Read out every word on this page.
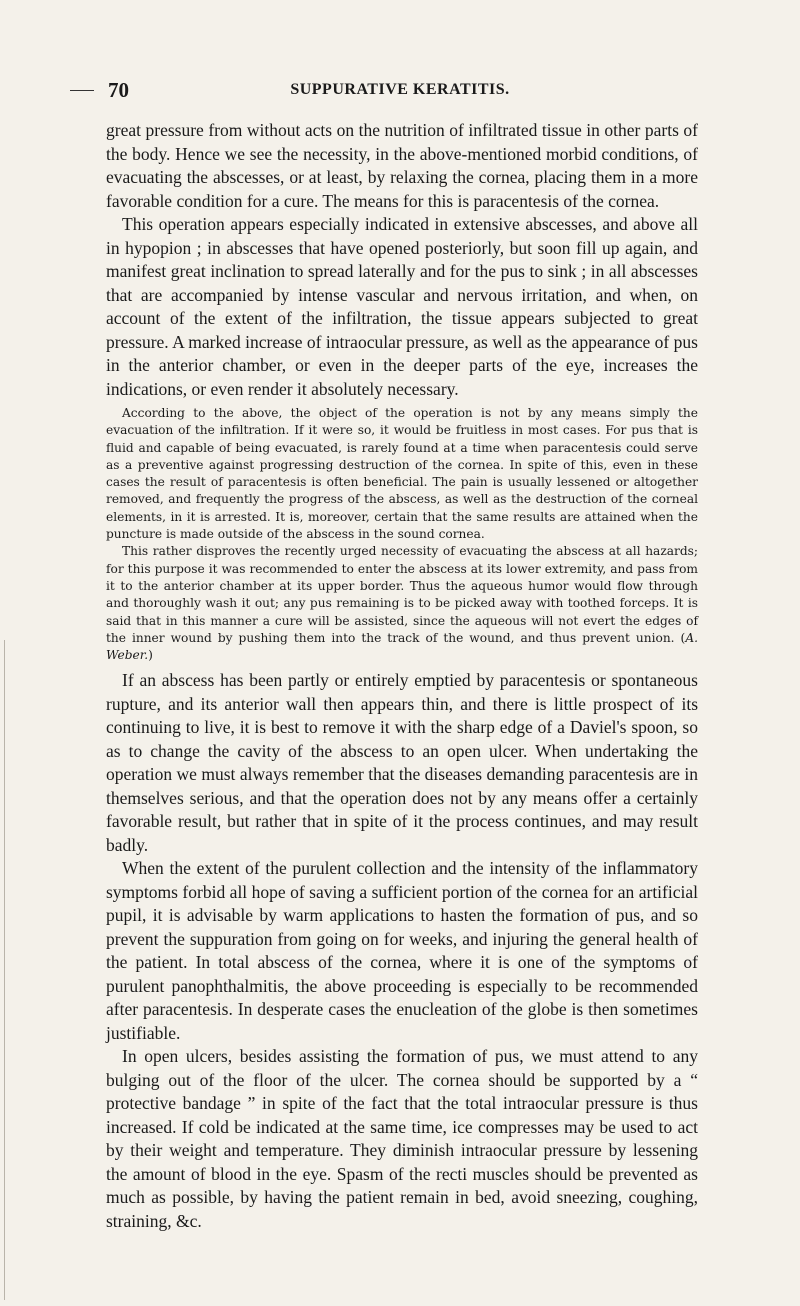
70	SUPPURATIVE KERATITIS.

great pressure from without acts on the nutrition of infiltrated tissue in other parts of the body. Hence we see the necessity, in the above-mentioned morbid conditions, of evacuating the abscesses, or at least, by relaxing the cornea, placing them in a more favorable condition for a cure. The means for this is paracentesis of the cornea.

This operation appears especially indicated in extensive abscesses, and above all in hypopion ; in abscesses that have opened posteriorly, but soon fill up again, and manifest great inclination to spread laterally and for the pus to sink ; in all abscesses that are accompanied by intense vascular and nervous irritation, and when, on account of the extent of the infiltration, the tissue appears subjected to great pressure. A marked increase of intraocular pressure, as well as the appearance of pus in the anterior chamber, or even in the deeper parts of the eye, increases the indications, or even render it absolutely necessary.

According to the above, the object of the operation is not by any means simply the evacuation of the infiltration. If it were so, it would be fruitless in most cases. For pus that is fluid and capable of being evacuated, is rarely found at a time when paracentesis could serve as a preventive against progressing destruction of the cornea. In spite of this, even in these cases the result of paracentesis is often beneficial. The pain is usually lessened or altogether removed, and frequently the progress of the abscess, as well as the destruction of the corneal elements, in it is arrested. It is, moreover, certain that the same results are attained when the puncture is made outside of the abscess in the sound cornea.

This rather disproves the recently urged necessity of evacuating the abscess at all hazards; for this purpose it was recommended to enter the abscess at its lower extremity, and pass from it to the anterior chamber at its upper border. Thus the aqueous humor would flow through and thoroughly wash it out; any pus remaining is to be picked away with toothed forceps. It is said that in this manner a cure will be assisted, since the aqueous will not evert the edges of the inner wound by pushing them into the track of the wound, and thus prevent union. (A. Weber.)

If an abscess has been partly or entirely emptied by paracentesis or spontaneous rupture, and its anterior wall then appears thin, and there is little prospect of its continuing to live, it is best to remove it with the sharp edge of a Daviel's spoon, so as to change the cavity of the abscess to an open ulcer. When undertaking the operation we must always remember that the diseases demanding paracentesis are in themselves serious, and that the operation does not by any means offer a certainly favorable result, but rather that in spite of it the process continues, and may result badly.

When the extent of the purulent collection and the intensity of the inflammatory symptoms forbid all hope of saving a sufficient portion of the cornea for an artificial pupil, it is advisable by warm applications to hasten the formation of pus, and so prevent the suppuration from going on for weeks, and injuring the general health of the patient. In total abscess of the cornea, where it is one of the symptoms of purulent panophthalmitis, the above proceeding is especially to be recommended after paracentesis. In desperate cases the enucleation of the globe is then sometimes justifiable.

In open ulcers, besides assisting the formation of pus, we must attend to any bulging out of the floor of the ulcer. The cornea should be supported by a “ protective bandage ” in spite of the fact that the total intraocular pressure is thus increased. If cold be indicated at the same time, ice compresses may be used to act by their weight and temperature. They diminish intraocular pressure by lessening the amount of blood in the eye. Spasm of the recti muscles should be prevented as much as possible, by having the patient remain in bed, avoid sneezing, coughing, straining, &c.
